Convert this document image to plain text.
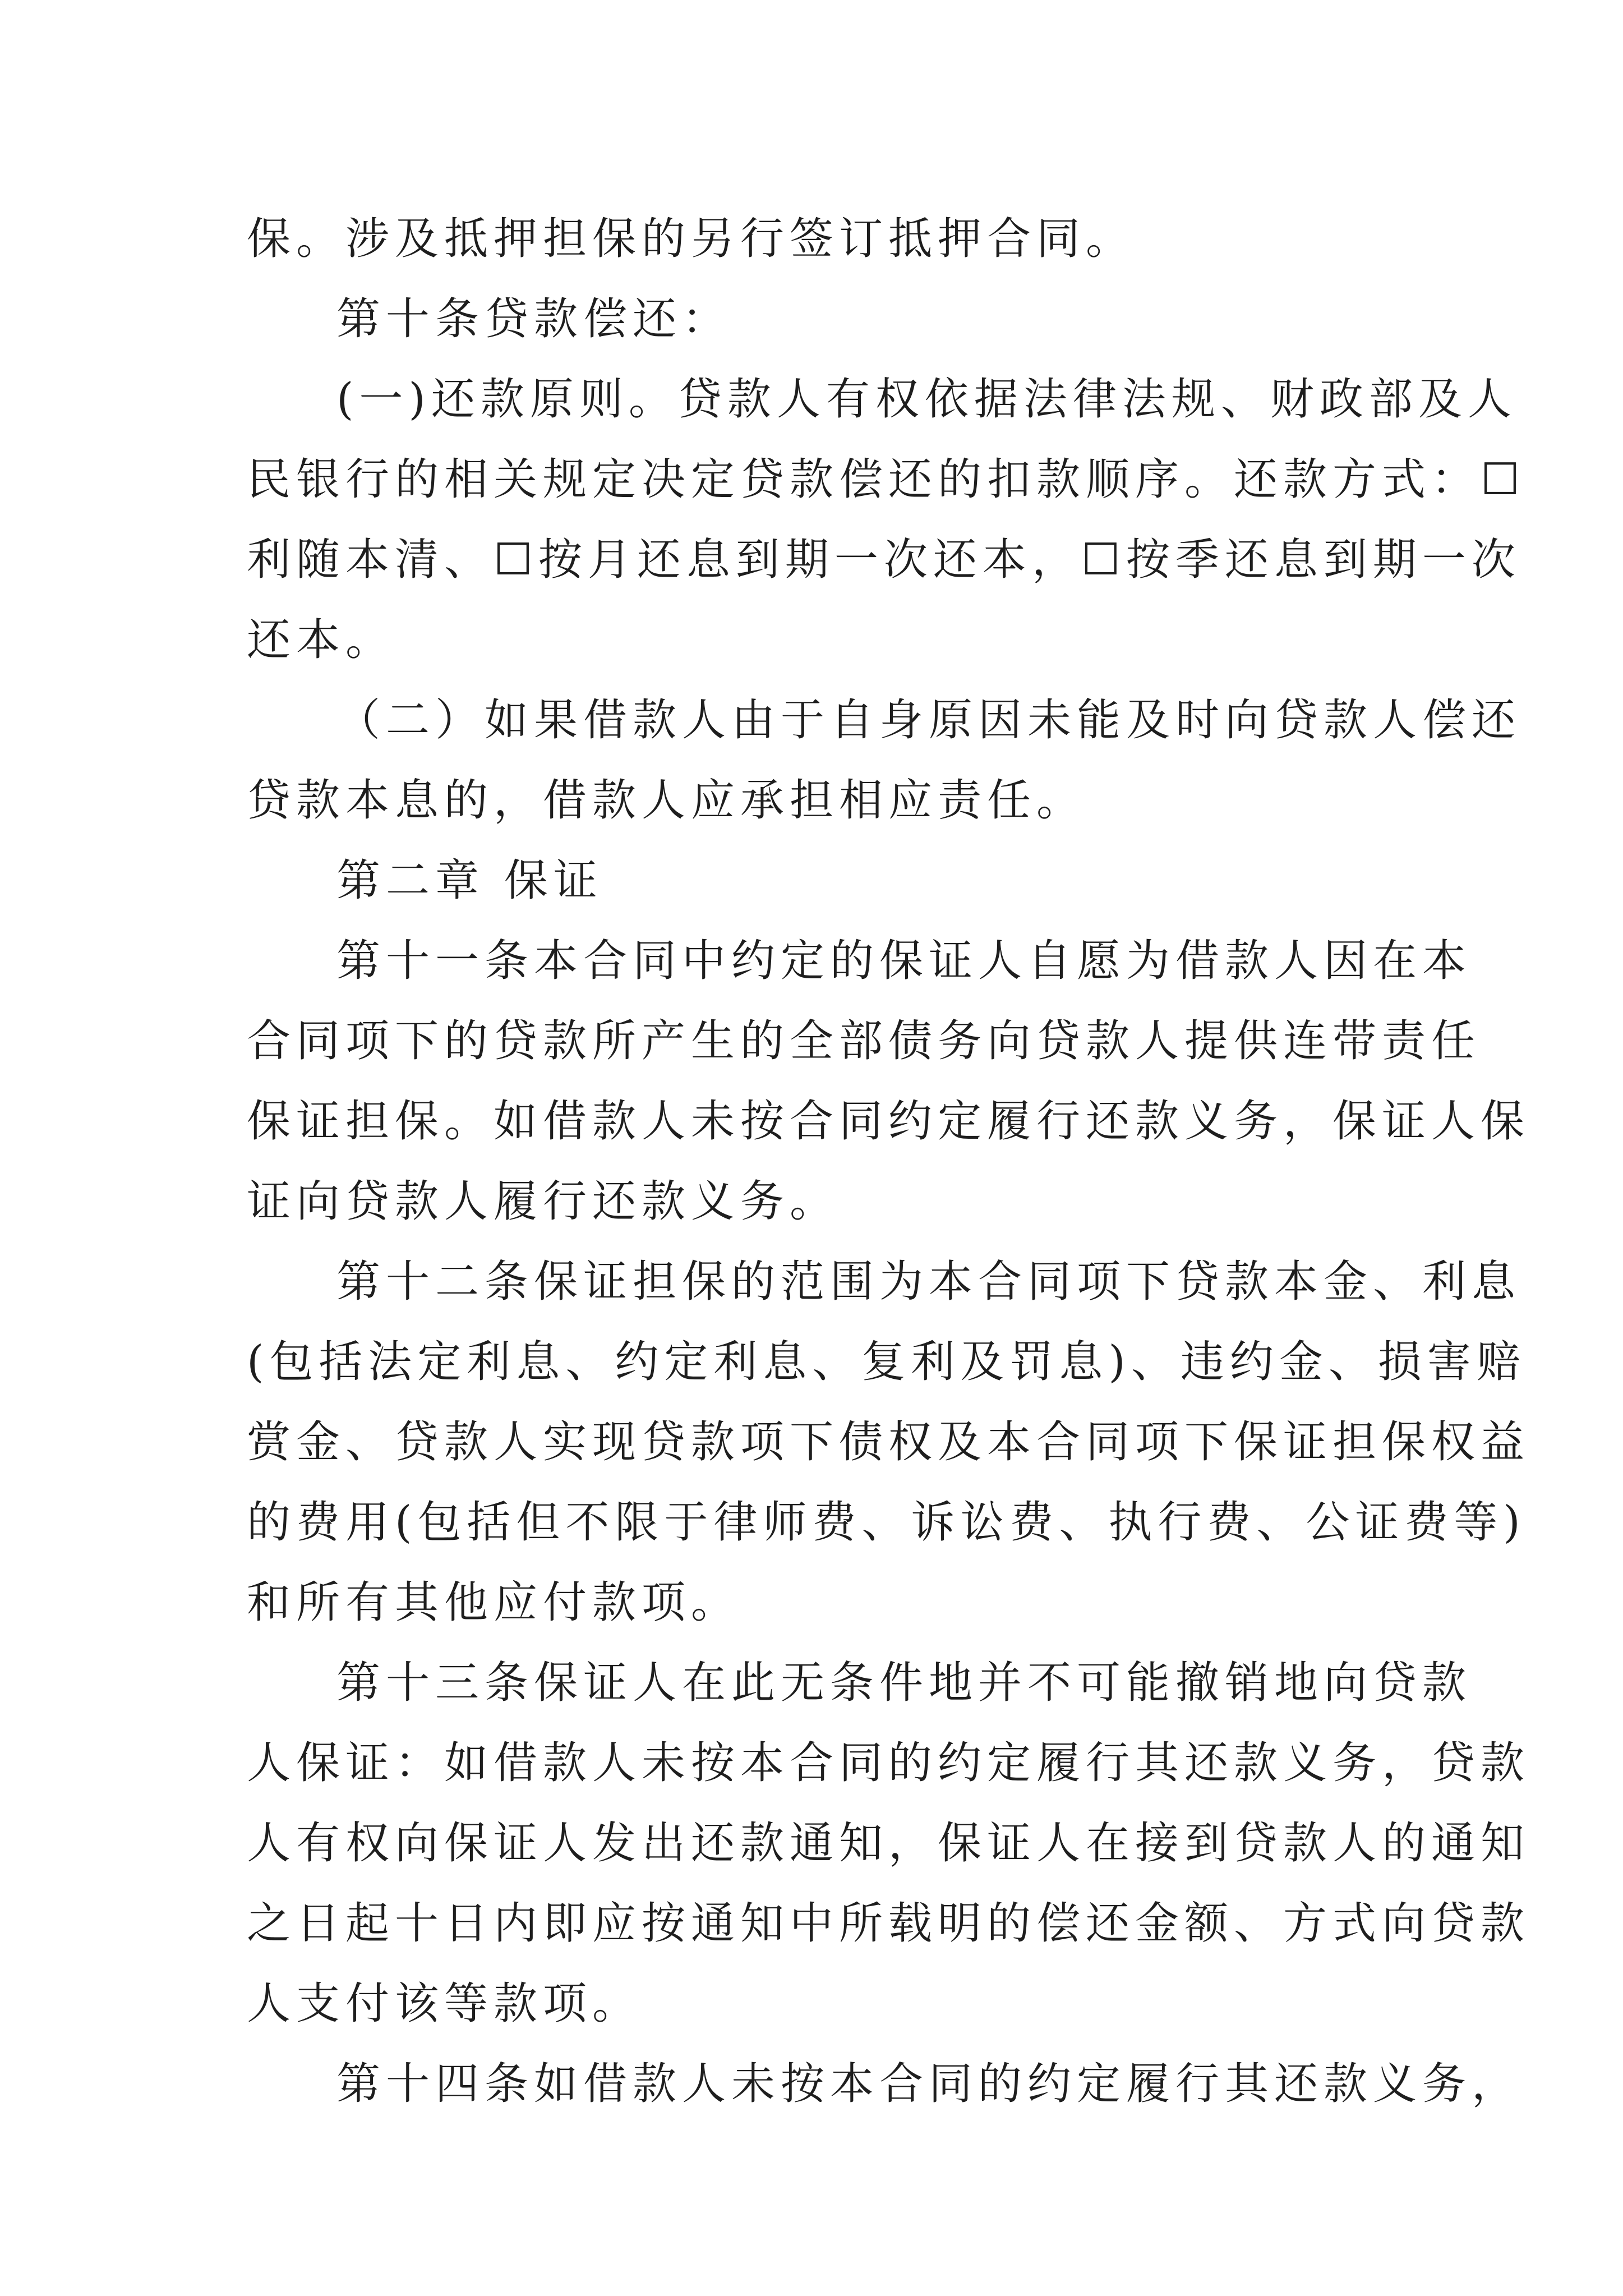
保。涉及抵押担保的另行签订抵押合同。
第十条贷款偿还：
(一)还款原则。贷款人有权依据法律法规、财政部及人
民银行的相关规定决定贷款偿还的扣款顺序。还款方式：☐
利随本清、☐按月还息到期一次还本，☐按季还息到期一次
还本。
（二）如果借款人由于自身原因未能及时向贷款人偿还
贷款本息的，借款人应承担相应责任。
第二章 保证
第十一条本合同中约定的保证人自愿为借款人因在本
合同项下的贷款所产生的全部债务向贷款人提供连带责任
保证担保。如借款人未按合同约定履行还款义务，保证人保
证向贷款人履行还款义务。
第十二条保证担保的范围为本合同项下贷款本金、利息
(包括法定利息、约定利息、复利及罚息)、违约金、损害赔
赏金、贷款人实现贷款项下债权及本合同项下保证担保权益
的费用(包括但不限于律师费、诉讼费、执行费、公证费等)
和所有其他应付款项。
第十三条保证人在此无条件地并不可能撤销地向贷款
人保证：如借款人未按本合同的约定履行其还款义务，贷款
人有权向保证人发出还款通知，保证人在接到贷款人的通知
之日起十日内即应按通知中所载明的偿还金额、方式向贷款
人支付该等款项。
第十四条如借款人未按本合同的约定履行其还款义务，
